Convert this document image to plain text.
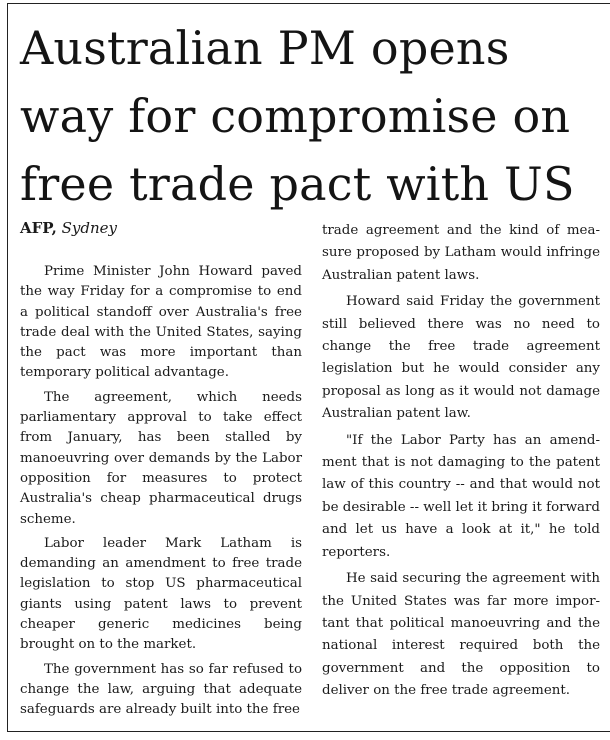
Australian PM opens way for compromise on free trade pact with US
AFP, Sydney

Prime Minister John Howard paved the way Friday for a compromise to end a political standoff over Australia's free trade deal with the United States, saying the pact was more important than temporary political advantage.

The agreement, which needs parliamentary approval to take effect from January, has been stalled by manoeuvring over demands by the Labor opposition for measures to protect Australia's cheap pharmaceutical drugs scheme.

Labor leader Mark Latham is demanding an amendment to free trade legislation to stop US pharmaceutical giants using patent laws to prevent cheaper generic medicines being brought on to the market.

The government has so far refused to change the law, arguing that adequate safeguards are already built into the free

trade agreement and the kind of measure proposed by Latham would infringe Australian patent laws.

Howard said Friday the government still believed there was no need to change the free trade agreement legislation but he would consider any proposal as long as it would not damage Australian patent law.

"If the Labor Party has an amendment that is not damaging to the patent law of this country -- and that would not be desirable -- well let it bring it forward and let us have a look at it," he told reporters.

He said securing the agreement with the United States was far more important that political manoeuvring and the national interest required both the government and the opposition to deliver on the free trade agreement.
